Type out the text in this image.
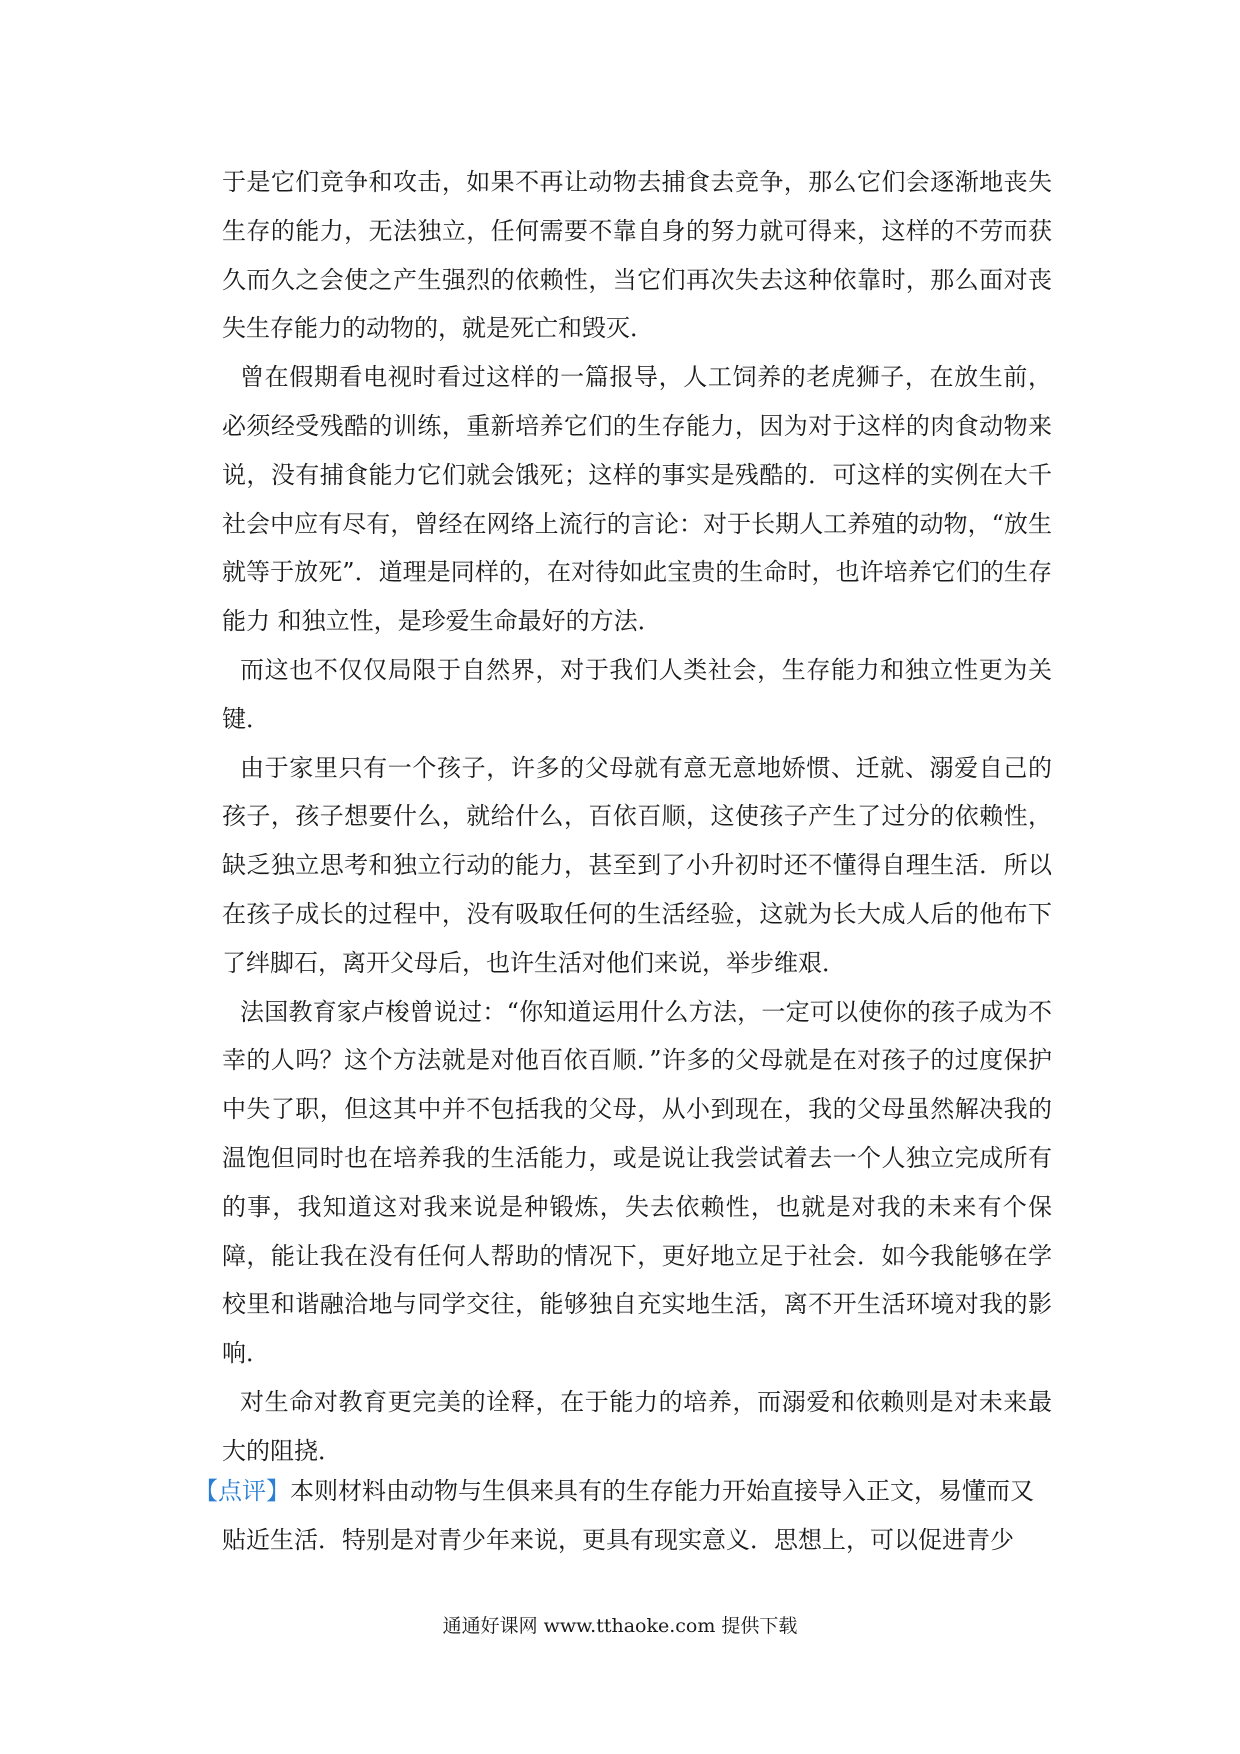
于是它们竞争和攻击，如果不再让动物去捕食去竞争，那么它们会逐渐地丧失生存的能力，无法独立，任何需要不靠自身的努力就可得来，这样的不劳而获久而久之会使之产生强烈的依赖性，当它们再次失去这种依靠时，那么面对丧失生存能力的动物的，就是死亡和毁灭．

曾在假期看电视时看过这样的一篇报导，人工饲养的老虎狮子，在放生前，必须经受残酷的训练，重新培养它们的生存能力，因为对于这样的肉食动物来说，没有捕食能力它们就会饿死；这样的事实是残酷的．可这样的实例在大千社会中应有尽有，曾经在网络上流行的言论：对于长期人工养殖的动物，“放生就等于放死”．道理是同样的，在对待如此宝贵的生命时，也许培养它们的生存能力 和独立性，是珍爱生命最好的方法．

而这也不仅仅局限于自然界，对于我们人类社会，生存能力和独立性更为关键．

由于家里只有一个孩子，许多的父母就有意无意地娇惯、迁就、溺爱自己的孩子，孩子想要什么，就给什么，百依百顺，这使孩子产生了过分的依赖性，缺乏独立思考和独立行动的能力，甚至到了小升初时还不懂得自理生活．所以在孩子成长的过程中，没有吸取任何的生活经验，这就为长大成人后的他布下了绊脚石，离开父母后，也许生活对他们来说，举步维艰．

法国教育家卢梭曾说过：“你知道运用什么方法，一定可以使你的孩子成为不幸的人吗？这个方法就是对他百依百顺．”许多的父母就是在对孩子的过度保护 中失了职，但这其中并不包括我的父母，从小到现在，我的父母虽然解决我的温饱但同时也在培养我的生活能力，或是说让我尝试着去一个人独立完成所有的事，我知道这对我来说是种锻炼，失去依赖性，也就是对我的未来有个保障，能让我在没有任何人帮助的情况下，更好地立足于社会．如今我能够在学校里和谐融洽地与同学交往，能够独自充实地生活，离不开生活环境对我的影响．

对生命对教育更完美的诠释，在于能力的培养，而溺爱和依赖则是对未来最大的阻挠．

【点评】本则材料由动物与生俱来具有的生存能力开始直接导入正文，易懂而又

贴近生活．特别是对青少年来说，更具有现实意义．思想上，可以促进青少

通通好课网 www.tthaoke.com 提供下载
